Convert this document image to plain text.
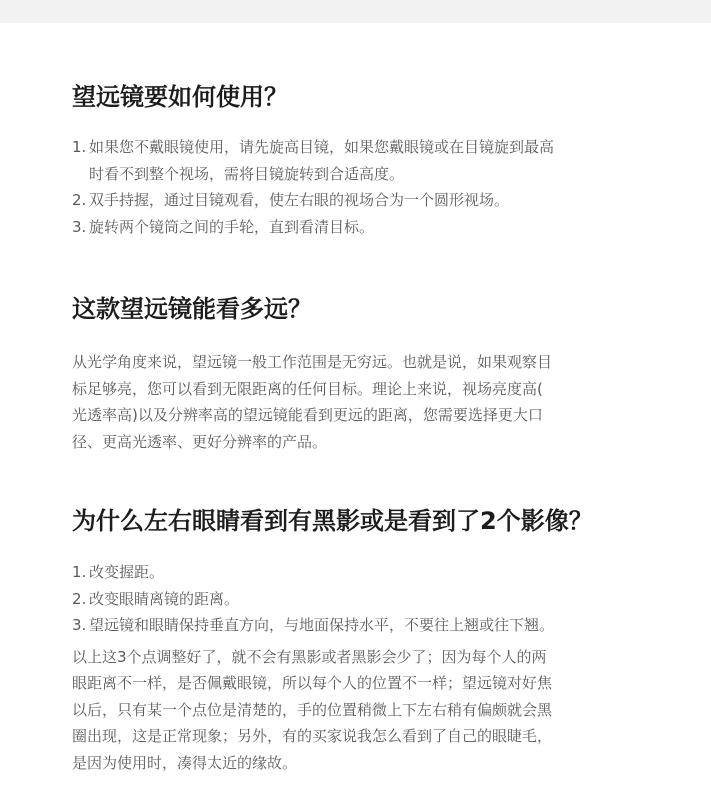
望远镜要如何使用？
1. 如果您不戴眼镜使用，请先旋高目镜，如果您戴眼镜或在目镜旋到最高
时看不到整个视场，需将目镜旋转到合适高度。
2. 双手持握，通过目镜观看，使左右眼的视场合为一个圆形视场。
3. 旋转两个镜筒之间的手轮，直到看清目标。
这款望远镜能看多远？

从光学角度来说，望远镜一般工作范围是无穷远。也就是说，如果观察目
标足够亮，您可以看到无限距离的任何目标。理论上来说，视场亮度高(
光透率高)以及分辨率高的望远镜能看到更远的距离，您需要选择更大口
径、更高光透率、更好分辨率的产品。

为什么左右眼睛看到有黑影或是看到了2个影像？
1. 改变握距。
2. 改变眼睛离镜的距离。
3. 望远镜和眼睛保持垂直方向，与地面保持水平，不要往上翘或往下翘。

以上这3个点调整好了，就不会有黑影或者黑影会少了；因为每个人的两
眼距离不一样，是否佩戴眼镜，所以每个人的位置不一样；望远镜对好焦
以后，只有某一个点位是清楚的，手的位置稍微上下左右稍有偏颇就会黑
圈出现，这是正常现象；另外，有的买家说我怎么看到了自己的眼睫毛，
是因为使用时，凑得太近的缘故。
